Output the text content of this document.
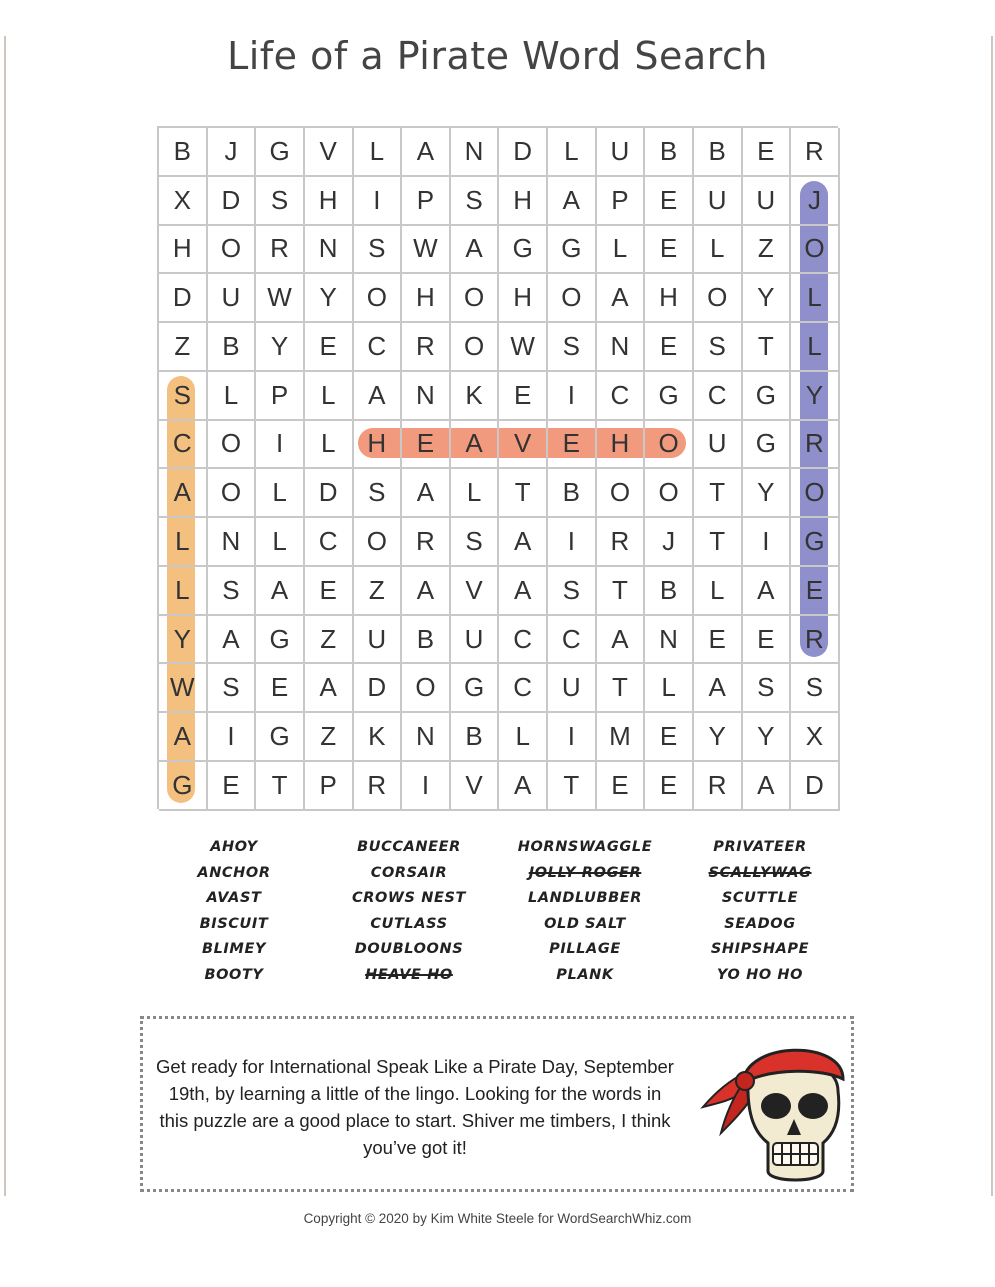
Life of a Pirate Word Search
B	J	G	V	L	A	N	D	L	U	B	B	E	R
X	D	S	H	I	P	S	H	A	P	E	U	U	J
H	O	R	N	S	W	A	G	G	L	E	L	Z	O
D	U	W	Y	O	H	O	H	O	A	H	O	Y	L
Z	B	Y	E	C	R	O	W	S	N	E	S	T	L
S	L	P	L	A	N	K	E	I	C	G	C	G	Y
C	O	I	L	H	E	A	V	E	H	O	U	G	R
A	O	L	D	S	A	L	T	B	O	O	T	Y	O
L	N	L	C	O	R	S	A	I	R	J	T	I	G
L	S	A	E	Z	A	V	A	S	T	B	L	A	E
Y	A	G	Z	U	B	U	C	C	A	N	E	E	R
W	S	E	A	D	O	G	C	U	T	L	A	S	S
A	I	G	Z	K	N	B	L	I	M	E	Y	Y	X
G	E	T	P	R	I	V	A	T	E	E	R	A	D
AHOY
ANCHOR
AVAST
BISCUIT
BLIMEY
BOOTY
BUCCANEER
CORSAIR
CROWS NEST
CUTLASS
DOUBLOONS
HEAVE HO
HORNSWAGGLE
JOLLY ROGER
LANDLUBBER
OLD SALT
PILLAGE
PLANK
PRIVATEER
SCALLYWAG
SCUTTLE
SEADOG
SHIPSHAPE
YO HO HO
Get ready for International Speak Like a Pirate Day, September 19th, by learning a little of the lingo. Looking for the words in this puzzle are a good place to start. Shiver me timbers, I think you’ve got it!
Copyright © 2020 by Kim White Steele for WordSearchWhiz.com
